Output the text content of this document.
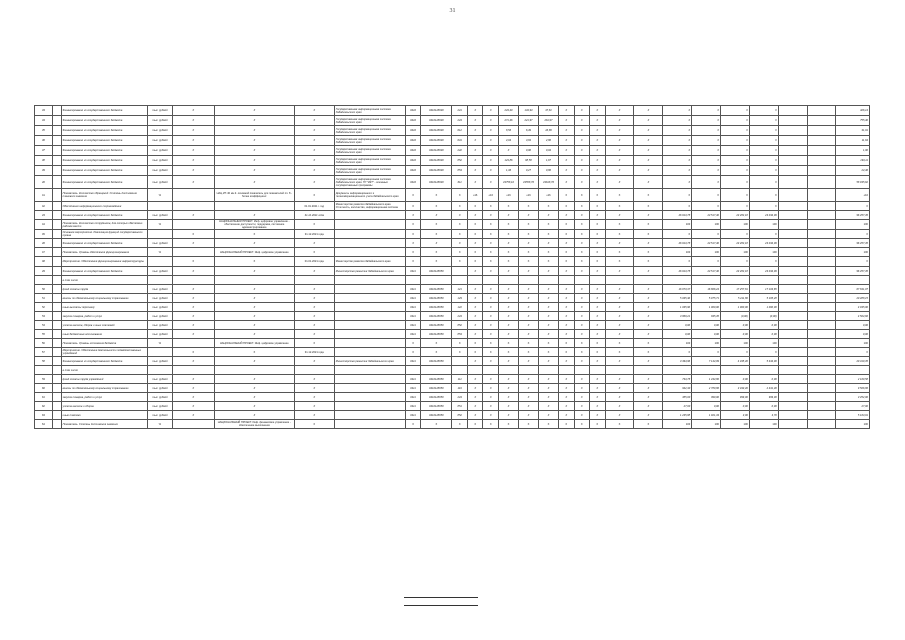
31
33		Финансирование из государственного бюджета	тыс. рублей	X	X	Х	Государственная информационная система Забайкальского края	0410	0410128630	241	X	X	243,40	134,93	47,81	X	X	X	X	X	X	X	X	X			426,14
34		Финансирование из государственного бюджета	тыс. рублей	X	X	Х	Государственная информационная система Забайкальского края	0410	0410128630	244	X	X	271,46	221,97	261,97	X	X	X	X	X	X	X	X	X			755,40
35		Финансирование из государственного бюджета	тыс. рублей	X	X	Х	Государственная информационная система Забайкальского края	0410	0410128630	612	X	X	8,56	6,49	16,86	X	X	X	X	X	X	X	X	X			31,91
36		Финансирование из государственного бюджета	тыс. рублей	X	X	Х	Государственная информационная система Забайкальского края	0410	0410128630	631	X	X	4,94	3,84	2,86	X	X	X	X	X	X	X	X	X			11,64
37		Финансирование из государственного бюджета	тыс. рублей	X	X	Х	Государственная информационная система Забайкальского края	0410	0410128630	242	X	X	X	0,96	0,94	X	X	X	X	X	X	X	X	X			1,90
38		Финансирование из государственного бюджета	тыс. рублей	X	X	Х	Государственная информационная система Забайкальского края	0410	0410128630	852	X	X	123,86	68,58	1,67	X	X	X	X	X	X	X	X	X			194,11
39		Финансирование из государственного бюджета	тыс. рублей	X	X	Х	Государственная информационная система Забайкальского края	0410	0410128630	853	X	X	1,36	0,27	0,86	X	X	X	X	X	X	X	X	X			24,46
40		Финансирование из государственного бюджета	тыс. рублей	X	X	Х	Государственная информационная система Забайкальского края. ГП "ИКТ" - основные государственные программы	0410	0410128630	611	X	X	19758,10	19558,76	19618,76	X	X	X	X	X	X	X	X	X			58 935,62
41		Показатель. Количество обращений. Степень достижения планового значения	%		НАЦ.ИТ-40 мн.К. основной показатель для показателей пп. 8 - более коэффициент	Х	Документы информационного и телекоммуникационного учета Забайкальского края	X	X	X	≤16	≤16	≤16	≤16	≤16	X	X	X	X	X	X	X	X	X			≤16
42		Обеспечение информационного сопровождения				01.01.2021 г. год	Министерство развития Забайкальского края. Отчетность, количество, информационная система	X	X	X	X	X	X	X	X	X	X	X	X	X	X	X	X	X			X
43		Финансирование из государственного бюджета	тыс. рублей	X	X	31.12.2021 года		X	X	X	X	X	X	X	X	X	X	X	X	X	26 613,78	23 517,40	23 282,18	23 044,09			96 457,45
44		Показатель. Количество сотрудников, для которых обеспечено рабочее место	%		НАЦИОНАЛЬНЫЙ ПРОЕКТ. Инф. цифровое управление - обеспечение доступности, поддержка, системное администрирование	X		X	X	X	X	X	X	X	X	X	X	X	X	X	100	100	100	100			100
45		Основное мероприятие. Реализация функций государственного органа		X	X	31.12.2021 года		X	X	X	X	X	X	X	X	X	X	X	X	X	X	X	X	X			X
46		Финансирование из государственного бюджета	тыс. рублей	X	X	Х		X	X	X	X	X	X	X	X	X	X	X	X	X	26 613,78	23 517,40	23 282,18	23 044,09			96 457,45
47		Показатель. Уровень обеспечения функционирования	%		НАЦИОНАЛЬНЫЙ ПРОЕКТ. Инф. цифровое управление	X		X	X	X	X	X	X	X	X	X	X	X	X	X	100	100	100	100			100
48		Мероприятие. Обеспечение функционирования инфраструктуры		X	X	01.01.2021 года	Министерство развития Забайкальского края	X	X	X	X	X	X	X	X	X	X	X	X	X	X	X	X	X			X
49		Финансирование из государственного бюджета	тыс. рублей	X	X	Х	Министерство развития Забайкальского края	0411	0410128650		X	X	X	X	X	X	X	X	X	X	26 613,78	23 517,40	23 282,18	23 044,09			96 457,45
		в том числе																									
50		фонд оплаты труда	тыс. рублей	X	X	Х		0411	0410128650	121	X	X	X	X	X	X	X	X	X	X	16 673,37	16 806,24	17 257,81	17 103,65			67 841,07
51		взносы по обязательному социальному страхованию	тыс. рублей	X	X	Х		0411	0410128650	129	X	X	X	X	X	X	X	X	X	X	5 035,30	5 075,71	5 211,86	5 165,28			20 488,15
52		иные выплаты персоналу	тыс. рублей	X	X	Х		0411	0410128650	122	X	X	X	X	X	X	X	X	X	X	1 035,90	1 000,00	1 000,00	1 000,00			4 035,90
53		закупка товаров, работ и услуг	тыс. рублей	X	X	Х		0411	0410128650	244	X	X	X	X	X	X	X	X	X	X	3 869,21	635,45	(0,00)	(0,00)			4 504,66
54		уплата налогов, сборов и иных платежей	тыс. рублей	X	X	Х		0411	0410128650	852	X	X	X	X	X	X	X	X	X	X	0,00	0,00	0,00	0,00			0,00
55		иные бюджетные ассигнования	тыс. рублей	X	X	Х		0411	0410128650	853	X	X	X	X	X	X	X	X	X	X	0,00	0,00	0,00	0,00			0,00
56		Показатель. Уровень исполнения бюджета	%		НАЦИОНАЛЬНЫЙ ПРОЕКТ. Инф. цифровое управление	X		X	X	X	X	X	X	X	X	X	X	X	X	X	100	100	100	100			100
57		Мероприятие. Обеспечение деятельности подведомственных учреждений		X	X	31.12.2021 года		X	X	X	X	X	X	X	X	X	X	X	X	X	X	X	X	X			X
58		Финансирование из государственного бюджета	тыс. рублей	X	X	Х	Министерство развития Забайкальского края	0411	0410128650		X	X	X	X	X	X	X	X	X	X	3 394,96	7 144,99	4 345,40	5 434,00			20 319,35
		в том числе																									
59		фонд оплаты труда учреждений	тыс. рублей	X	X	Х		0411	0410128650	111	X	X	X	X	X	X	X	X	X	X	734,78	1 434,80	0,00	0,00			2 169,58
60		взносы по обязательному социальному страхованию	тыс. рублей	X	X	Х		0411	0410128650	119	X	X	X	X	X	X	X	X	X	X	942,30	2 789,86	3 343,40	2 431,30			9 506,86
61		закупка товаров, работ и услуг	тыс. рублей	X	X	Х		0411	0410128650	244	X	X	X	X	X	X	X	X	X	X	455,00	999,00	999,00	999,00			3 452,00
62		уплата налогов и сборов	тыс. рублей	X	X	Х		0411	0410128650	851	X	X	X	X	X	X	X	X	X	X	27,00	0,00	0,00	0,00			27,00
63		иные платежи	тыс. рублей	X	X	Х		0411	0410128650	852	X	X	X	X	X	X	X	X	X	X	1 235,88	1 921,33	3,00	3,70			5 163,91
64		Показатель. Степень достижения значения	%		НАЦИОНАЛЬНЫЙ ПРОЕКТ. Инф. финансовое управление - обеспечение выполнения	X		X	X	X	X	X	X	X	X	X	X	X	X	X	100	100	100	100			100
